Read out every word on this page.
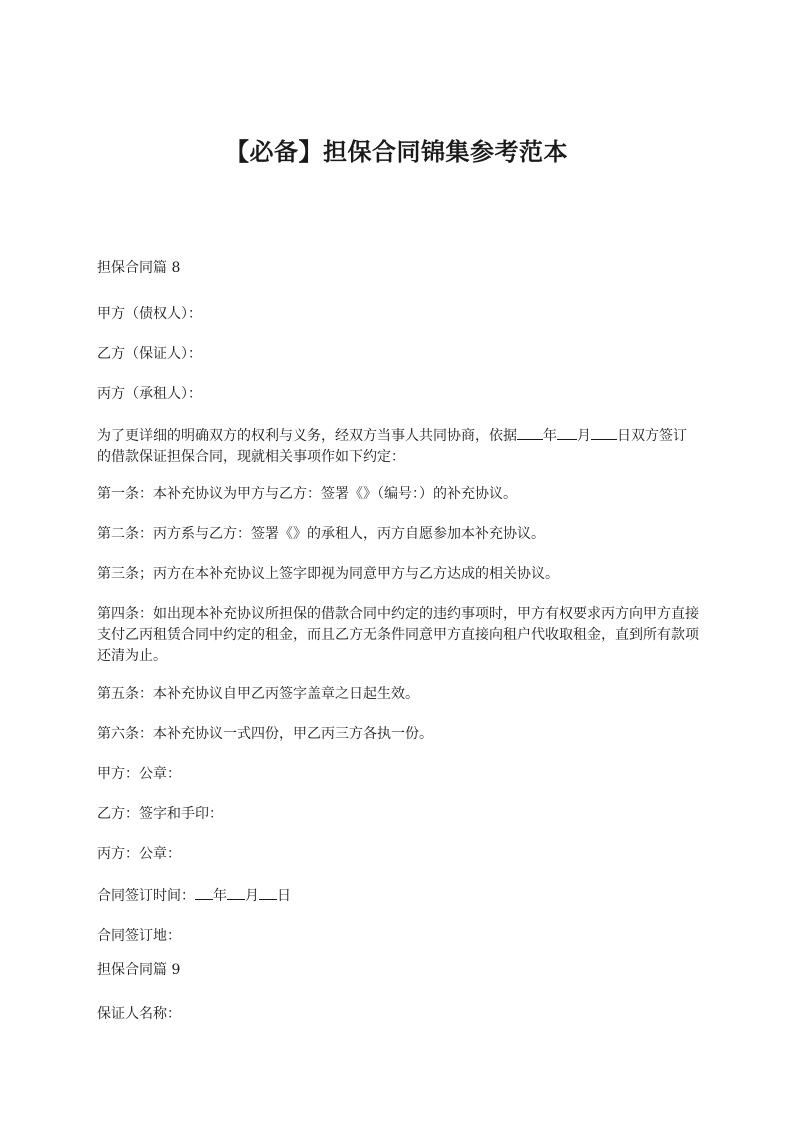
【必备】担保合同锦集参考范本

担保合同篇 8

甲方（债权人）：

乙方（保证人）：

丙方（承租人）：

为了更详细的明确双方的权利与义务，经双方当事人共同协商，依据 年 月 日双方签订的借款保证担保合同，现就相关事项作如下约定：

第一条：本补充协议为甲方与乙方：签署《》（编号：）的补充协议。

第二条：丙方系与乙方：签署《》的承租人，丙方自愿参加本补充协议。

第三条；丙方在本补充协议上签字即视为同意甲方与乙方达成的相关协议。

第四条：如出现本补充协议所担保的借款合同中约定的违约事项时，甲方有权要求丙方向甲方直接支付乙丙租赁合同中约定的租金，而且乙方无条件同意甲方直接向租户代收取租金，直到所有款项还清为止。

第五条：本补充协议自甲乙丙签字盖章之日起生效。

第六条：本补充协议一式四份，甲乙丙三方各执一份。

甲方：公章：

乙方：签字和手印：

丙方：公章：

合同签订时间： 年 月 日

合同签订地：

担保合同篇 9

保证人名称：
